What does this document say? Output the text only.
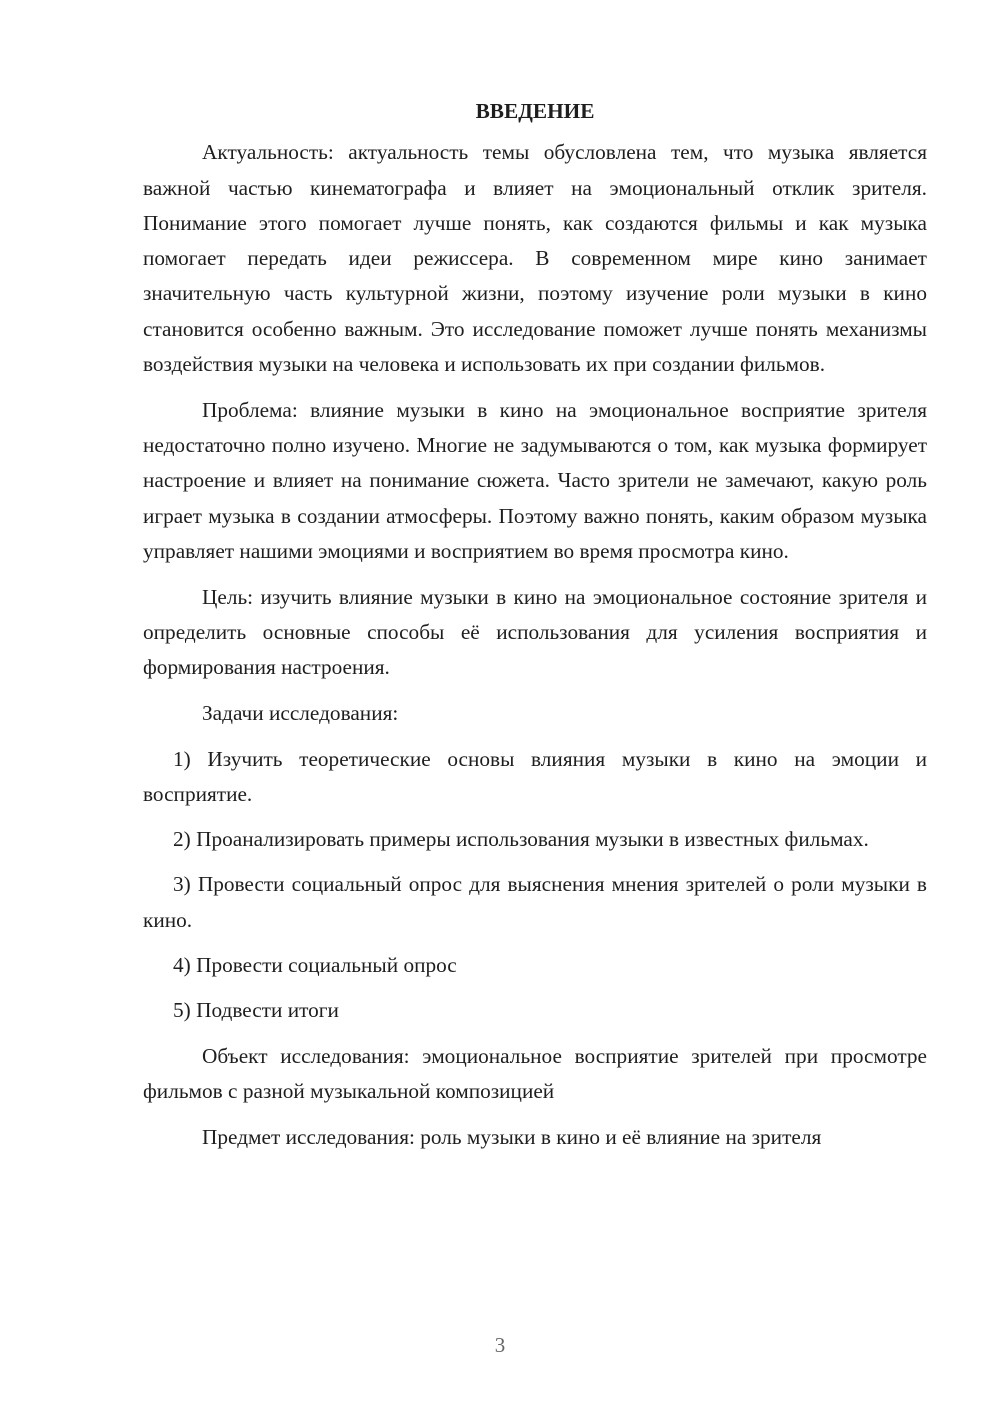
ВВЕДЕНИЕ

Актуальность: актуальность темы обусловлена тем, что музыка является важной частью кинематографа и влияет на эмоциональный отклик зрителя. Понимание этого помогает лучше понять, как создаются фильмы и как музыка помогает передать идеи режиссера. В современном мире кино занимает значительную часть культурной жизни, поэтому изучение роли музыки в кино становится особенно важным. Это исследование поможет лучше понять механизмы воздействия музыки на человека и использовать их при создании фильмов.

Проблема: влияние музыки в кино на эмоциональное восприятие зрителя недостаточно полно изучено. Многие не задумываются о том, как музыка формирует настроение и влияет на понимание сюжета. Часто зрители не замечают, какую роль играет музыка в создании атмосферы. Поэтому важно понять, каким образом музыка управляет нашими эмоциями и восприятием во время просмотра кино.

Цель: изучить влияние музыки в кино на эмоциональное состояние зрителя и определить основные способы её использования для усиления восприятия и формирования настроения.

Задачи исследования:

1) Изучить теоретические основы влияния музыки в кино на эмоции и восприятие.

2) Проанализировать примеры использования музыки в известных фильмах.

3) Провести социальный опрос для выяснения мнения зрителей о роли музыки в кино.

4) Провести социальный опрос

5) Подвести итоги

Объект исследования: эмоциональное восприятие зрителей при просмотре фильмов с разной музыкальной композицией

Предмет исследования: роль музыки в кино и её влияние на зрителя

3
